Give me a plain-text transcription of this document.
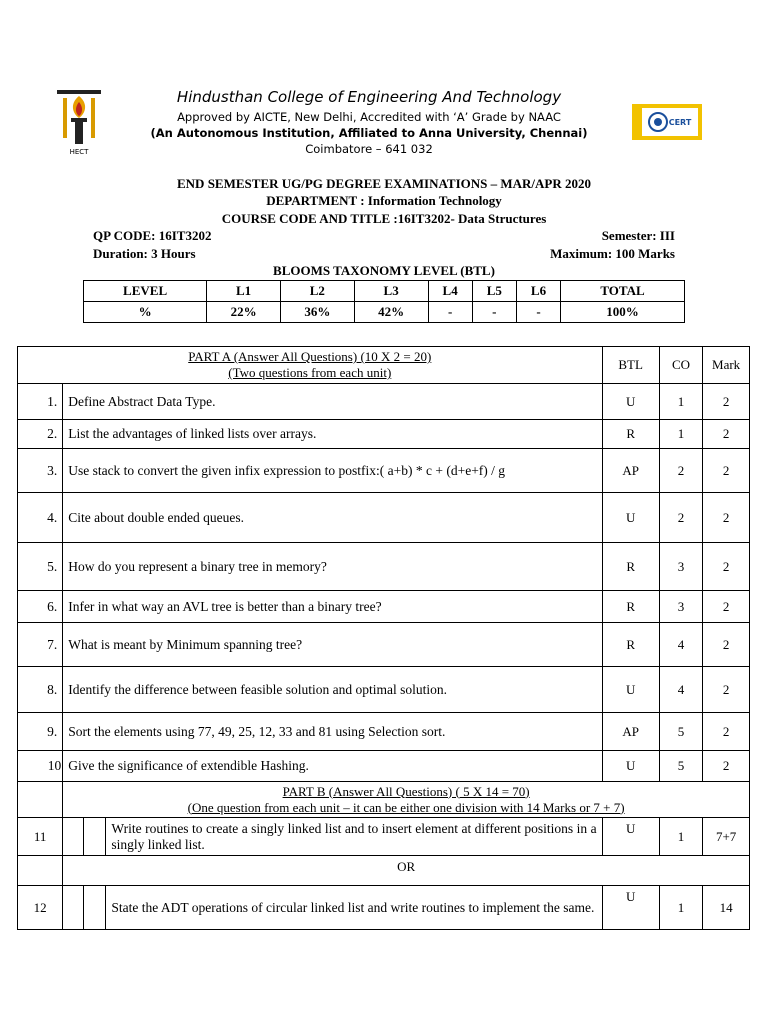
HECT
CERT
Hindusthan College of Engineering And Technology
Approved by AICTE, New Delhi, Accredited with ‘A’ Grade by NAAC
(An Autonomous Institution, Affiliated to Anna University, Chennai)
Coimbatore – 641 032
END SEMESTER UG/PG DEGREE EXAMINATIONS – MAR/APR 2020
DEPARTMENT : Information Technology
COURSE CODE AND TITLE :16IT3202- Data Structures
QP CODE: 16IT3202	Semester: III
Duration: 3 Hours	Maximum: 100 Marks
BLOOMS TAXONOMY LEVEL (BTL)
LEVEL	L1	L2	L3	L4	L5	L6	TOTAL
%	22%	36%	42%	-	-	-	100%
PART A (Answer All Questions) (10 X 2 = 20)
(Two questions from each unit)				BTL	CO	Mark
1.	Define Abstract Data Type.			U	1	2
2.	List the advantages of linked lists over arrays.			R	1	2
3.	Use stack to convert the given infix expression to postfix:( a+b) * c + (d+e+f) / g			AP	2	2
4.	Cite about double ended queues.			U	2	2
5.	How do you represent a binary tree in memory?			R	3	2
6.	Infer in what way an AVL tree is better than a binary tree?			R	3	2
7.	What is meant by Minimum spanning tree?			R	4	2
8.	Identify the difference between feasible solution and optimal solution.			U	4	2
9.	Sort the elements using 77, 49, 25, 12, 33 and 81 using Selection sort.			AP	5	2
10	Give the significance of extendible Hashing.			U	5	2

	PART B (Answer All Questions) ( 5 X 14 = 70)
(One question from each unit – it can be either one division with 14 Marks or 7 + 7)					

11			Write routines to create a singly linked list and to insert element at different positions in a singly linked list.	U	1	7+7
	OR					
12			State the ADT operations of circular linked list and write routines to implement the same.	U	1	14
